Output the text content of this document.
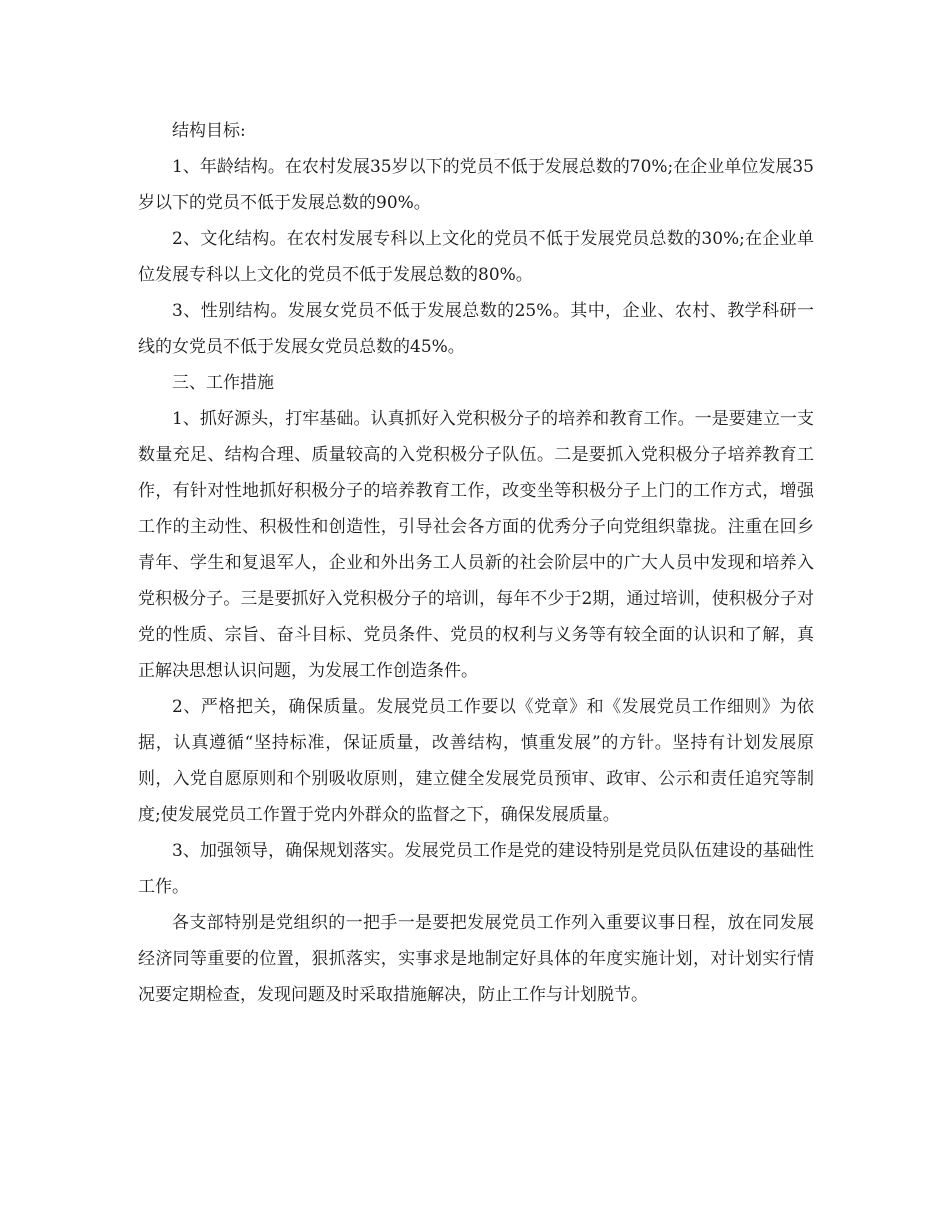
结构目标:

1、年龄结构。在农村发展35岁以下的党员不低于发展总数的70%;在企业单位发展35岁以下的党员不低于发展总数的90%。

2、文化结构。在农村发展专科以上文化的党员不低于发展党员总数的30%;在企业单位发展专科以上文化的党员不低于发展总数的80%。

3、性别结构。发展女党员不低于发展总数的25%。其中，企业、农村、教学科研一线的女党员不低于发展女党员总数的45%。

三、工作措施

1、抓好源头，打牢基础。认真抓好入党积极分子的培养和教育工作。一是要建立一支数量充足、结构合理、质量较高的入党积极分子队伍。二是要抓入党积极分子培养教育工作，有针对性地抓好积极分子的培养教育工作，改变坐等积极分子上门的工作方式，增强工作的主动性、积极性和创造性，引导社会各方面的优秀分子向党组织靠拢。注重在回乡青年、学生和复退军人，企业和外出务工人员新的社会阶层中的广大人员中发现和培养入党积极分子。三是要抓好入党积极分子的培训，每年不少于2期，通过培训，使积极分子对党的性质、宗旨、奋斗目标、党员条件、党员的权利与义务等有较全面的认识和了解，真正解决思想认识问题，为发展工作创造条件。

2、严格把关，确保质量。发展党员工作要以《党章》和《发展党员工作细则》为依据，认真遵循“坚持标准，保证质量，改善结构，慎重发展”的方针。坚持有计划发展原则，入党自愿原则和个别吸收原则，建立健全发展党员预审、政审、公示和责任追究等制度;使发展党员工作置于党内外群众的监督之下，确保发展质量。

3、加强领导，确保规划落实。发展党员工作是党的建设特别是党员队伍建设的基础性工作。

各支部特别是党组织的一把手一是要把发展党员工作列入重要议事日程，放在同发展经济同等重要的位置，狠抓落实，实事求是地制定好具体的年度实施计划，对计划实行情况要定期检查，发现问题及时采取措施解决，防止工作与计划脱节。
